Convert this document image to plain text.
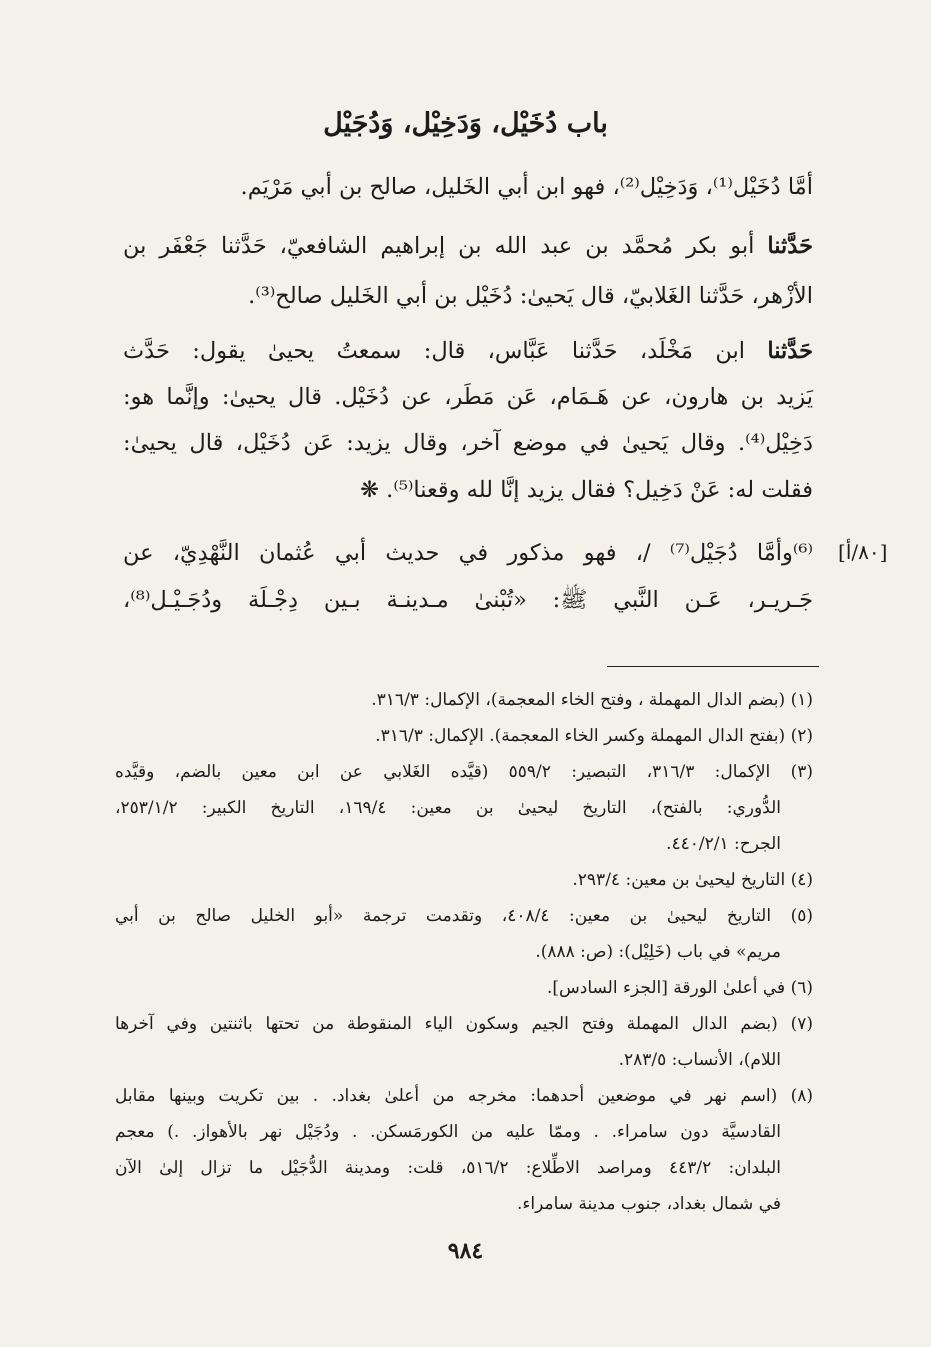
باب دُخَيْل، وَدَخِيْل، وَدُجَيْل
أمَّا دُخَيْل⁽¹⁾، وَدَخِيْل⁽²⁾، فهو ابن أبي الخَليل، صالح بن أبي مَرْيَم.
حَدَّثنا أبو بكر مُحمَّد بن عبد الله بن إبراهيم الشافعيّ، حَدَّثنا جَعْفَر بن
الأزْهر، حَدَّثنا الغَلابيّ، قال يَحيىٰ: دُخَيْل بن أبي الخَليل صالح⁽³⁾.
حَدَّثنا ابن مَخْلَد، حَدَّثنا عَبَّاس، قال: سمعتُ يحيىٰ يقول: حَدَّث
يَزيد بن هارون، عن هَـمَام، عَن مَطَر، عن دُخَيْل. قال يحيىٰ: وإنَّما هو:
دَخِيْل⁽⁴⁾. وقال يَحيىٰ في موضع آخر، وقال يزيد: عَن دُخَيْل، قال يحيىٰ:
فقلت له: عَنْ دَخِيل؟ فقال يزيد إنَّا لله وقعنا⁽⁵⁾. ❋
[٨٠/أ]
⁽⁶⁾وأمَّا دُجَيْل⁽⁷⁾ /، فهو مذكور في حديث أبي عُثمان النَّهْدِيّ، عن
جَـريـر، عَـن النَّبي ﷺ: «تُبْنىٰ مـدينـة بـين دِجْـلَة ودُجَـيْـل⁽⁸⁾،
(١) (بضم الدال المهملة ، وفتح الخاء المعجمة)، الإكمال: ٣١٦/٣.
(٢) (بفتح الدال المهملة وكسر الخاء المعجمة). الإكمال: ٣١٦/٣.
(٣) الإكمال: ٣١٦/٣، التبصير: ٥٥٩/٢ (قيَّده الغَلابي عن ابن معين بالضم، وقيَّده
الدُّوري: بالفتح)، التاريخ ليحيىٰ بن معين: ١٦٩/٤، التاريخ الكبير: ٢٥٣/١/٢،
الجرح: ٤٤٠/٢/١.
(٤) التاريخ ليحيىٰ بن معين: ٢٩٣/٤.
(٥) التاريخ ليحيىٰ بن معين: ٤٠٨/٤، وتقدمت ترجمة «أبو الخليل صالح بن أبي
مريم» في باب (خَلِيْل): (ص: ٨٨٨).
(٦) في أعلىٰ الورقة [الجزء السادس].
(٧) (بضم الدال المهملة وفتح الجيم وسكون الياء المنقوطة من تحتها باثنتين وفي آخرها
اللام)، الأنساب: ٢٨٣/٥.
(٨) (اسم نهر في موضعين أحدهما: مخرجه من أعلىٰ بغداد. . بين تكريت وبينها مقابل
القادسيَّة دون سامراء. . وممّا عليه من الكورمَسكن. . ودُجَيْل نهر بالأهواز. .) معجم
البلدان: ٤٤٣/٢ ومراصد الاطِّلاع: ٥١٦/٢، قلت: ومدينة الدُّجَيْل ما تزال إلىٰ الآن
في شمال بغداد، جنوب مدينة سامراء.
٩٨٤
